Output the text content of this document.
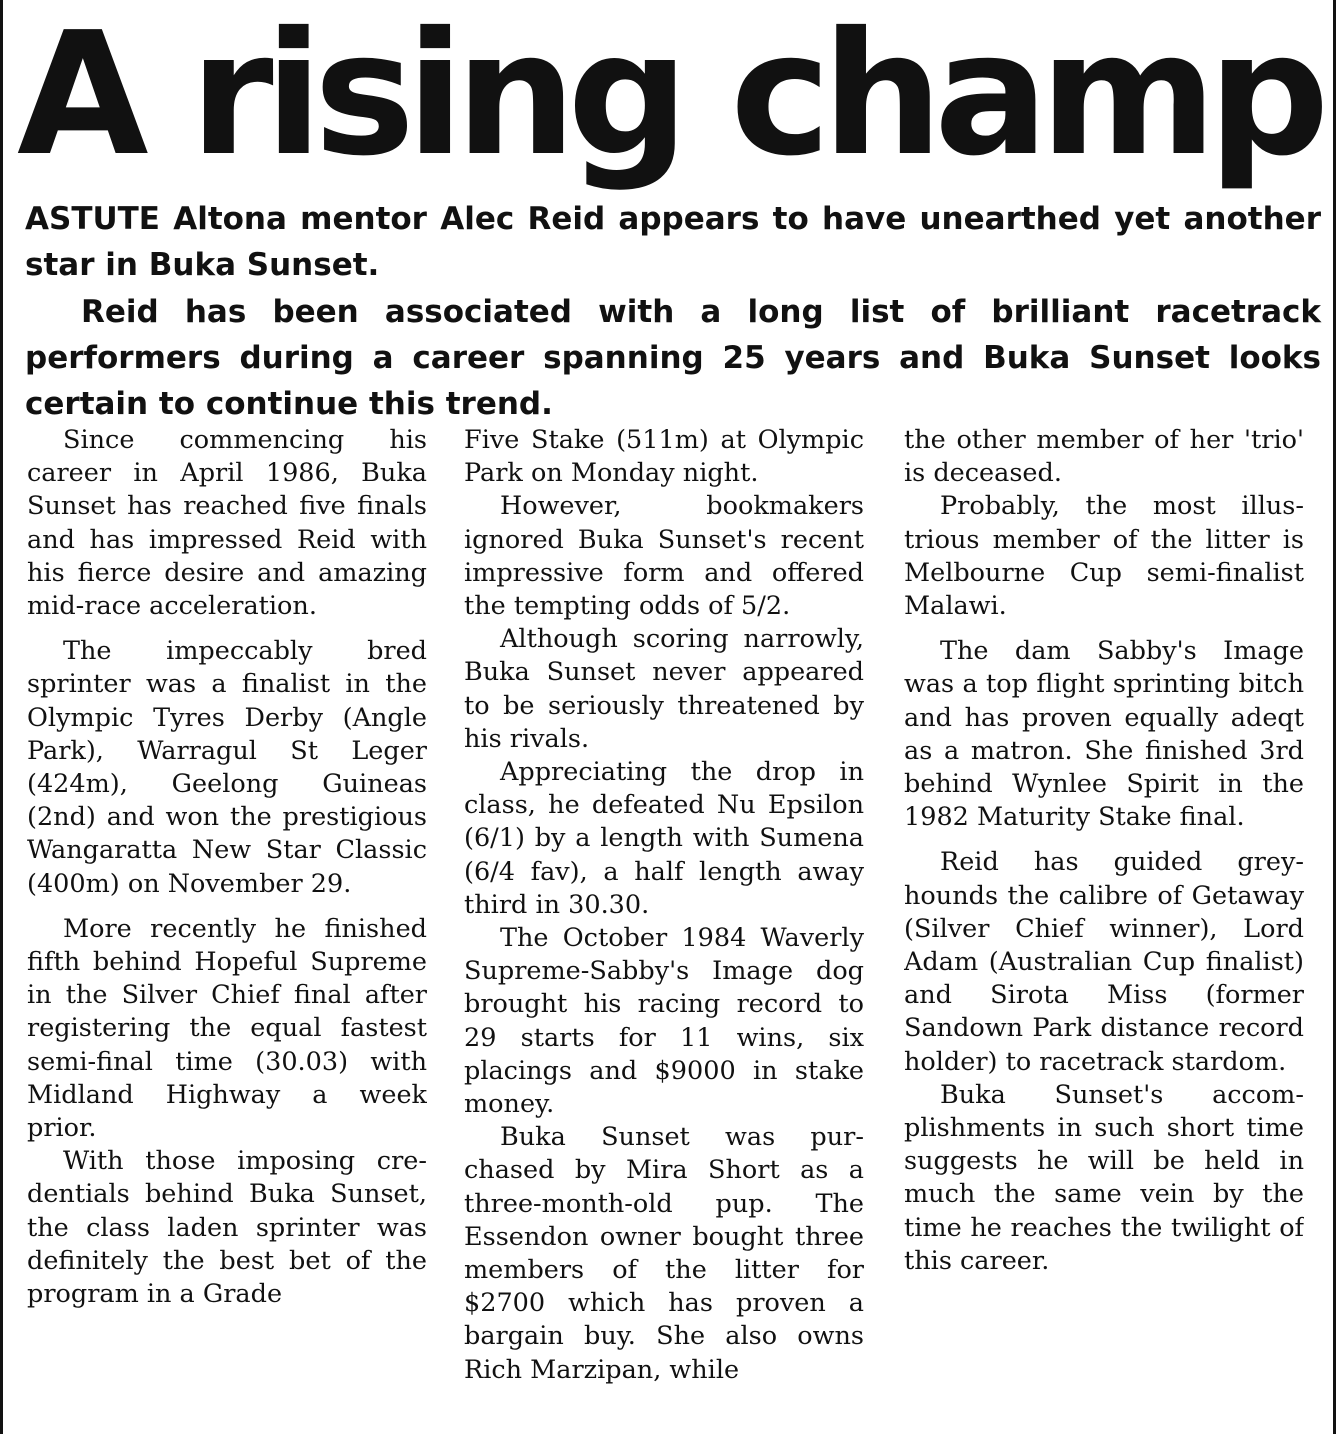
A rising champ

ASTUTE Altona mentor Alec Reid appears to have unearthed yet another star in Buka Sunset.

Reid has been associated with a long list of brilliant racetrack performers during a career spanning 25 years and Buka Sunset looks certain to continue this trend.

Since commencing his career in April 1986, Buka Sunset has reached five finals and has impressed Reid with his fierce desire and amazing mid-race acceleration.

The impeccably bred sprinter was a finalist in the Olympic Tyres Derby (Angle Park), Warragul St Leger (424m), Geelong Guineas (2nd) and won the prestigious Wangaratta New Star Classic (400m) on November 29.

More recently he finished fifth behind Hopeful Supreme in the Silver Chief final after registering the equal fastest semi-final time (30.03) with Midland Highway a week prior.

With those imposing credentials behind Buka Sunset, the class laden sprinter was definitely the best bet of the program in a Grade

Five Stake (511m) at Olympic Park on Monday night.

However, bookmakers ignored Buka Sunset's recent impressive form and offered the tempting odds of 5/2.

Although scoring narrowly, Buka Sunset never appeared to be seriously threatened by his rivals.

Appreciating the drop in class, he defeated Nu Epsilon (6/1) by a length with Sumena (6/4 fav), a half length away third in 30.30.

The October 1984 Waverly Supreme-Sabby's Image dog brought his racing record to 29 starts for 11 wins, six placings and $9000 in stake money.

Buka Sunset was purchased by Mira Short as a three-month-old pup. The Essendon owner bought three members of the litter for $2700 which has proven a bargain buy. She also owns Rich Marzipan, while

the other member of her 'trio' is deceased.

Probably, the most illustrious member of the litter is Melbourne Cup semi-finalist Malawi.

The dam Sabby's Image was a top flight sprinting bitch and has proven equally adeqt as a matron. She finished 3rd behind Wynlee Spirit in the 1982 Maturity Stake final.

Reid has guided greyhounds the calibre of Getaway (Silver Chief winner), Lord Adam (Australian Cup finalist) and Sirota Miss (former Sandown Park distance record holder) to racetrack stardom.

Buka Sunset's accomplishments in such short time suggests he will be held in much the same vein by the time he reaches the twilight of this career.
